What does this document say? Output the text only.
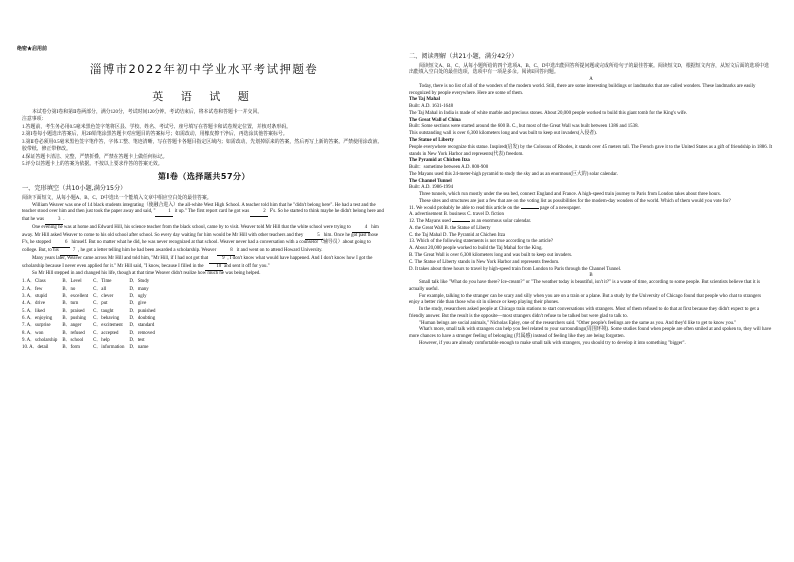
绝密★启用前
淄博市2022年初中学业水平考试押题卷
英 语 试 题

本试卷分第Ⅰ卷和第Ⅱ卷两部分，满分120分，考试时间120分钟。考试结束后，将本试卷和答题卡一并交回。

注意事项：

1.答题前，考生务必用0.5毫米黑色签字笔将区县、学校、姓名、考试号、座号填写在答题卡和试卷规定位置，并核对条形码。

2.第Ⅰ卷每小题选出答案后，用2B铅笔涂黑答题卡对应题目的答案标号；如需改动，用橡皮擦干净后，再选涂其他答案标号。

3.第Ⅱ卷必须用0.5毫米黑色签字笔作答，字体工整、笔迹清晰，写在答题卡各题目指定区域内；如需改动，先划掉原来的答案，然后再写上新的答案。严禁使用涂改液、胶带纸、修正带修改。

4.保证答题卡清洁、完整，严禁折叠，严禁在答题卡上做任何标记。

5.评分以答题卡上的答案为依据。不按以上要求作答的答案无效。

第Ⅰ卷（选择题共57分）
一、完形填空（共10小题,满分15分）

阅读下面短文，从每小题A、B、C、D中选出一个能填入文章中相应空白处的最佳答案。

William Weaver was one of 14 black students integrating（使融合进入）the all-white West High School. A teacher told him that he "didn't belong here". He had a test and the teacher stood over him and then just took the paper away and said, "	1 it up." The first report card he got was	2 F's. So he started to think maybe he didn't belong here and that he was	3 .

One evening he was at home and Edward Hill, his science teacher from the black school, came by to visit. Weaver told Mr Hill that the white school were trying to	4 him away. Mr Hill asked Weaver to come to his old school after school. So every day waiting for him would be Mr Hill with other teachers and they	5 him. Once he got past those F's, he stopped	6 himself. But no matter what he did, he was never recognized at that school. Weaver never had a conversation with a counselor（辅导员）about going to college. But, to his	7 , he got a letter telling him he had been awarded a scholarship. Weaver	8 it and went on to attend Howard University.

Many years later, Weaver came across Mr Hill and told him, "Mr Hill, if I had not got that	9 , I don't know what would have happened. And I don't know how I got the scholarship because I never even applied for it." Mr Hill said, "I know, because I filled in the 10 and sent it off for you."

So Mr Hill stepped in and changed his life, though at that time Weaver didn't realize how much he was being helped.

1. A．Class	B．Level	C．Time	D．Study
2. A．few	B．no	C．all	D．many
3. A．stupid	B．excellent	C．clever	D．ugly
4. A．drive	B．turn	C．put	D．give
5. A．liked	B．praised	C．taught	D．punished
6. A．enjoying	B．pushing	C．behaving	D．doubting
7. A．surprise	B．anger	C．excitement	D．standard
8. A．won	B．refused	C．accepted	D．removed
9. A．scholarship	B．school	C．help	D．test
10. A．detail	B．form	C．information	D．name
二、阅读理解（共21小题，满分42分）

阅读短文A、B、C，从每小题所给的四个选项A、B、C、D中选出能回答所提问题或完成所给句子的最佳答案。阅读短文D，根据短文内容，从短文后面的选项中选出能填入空白处的最佳选项，选项中有一项是多余。阅读E回答问题。

A

Today, there is no list of all of the wonders of the modern world. Still, there are some interesting buildings or landmarks that are called wonders. These landmarks are easily recognized by people everywhere. Here are some of them.

The Taj Mahal

Built: A.D. 1631-1648

The Taj Mahal in India is made of white marble and precious stones. About 20,000 people worked to build this giant tomb for the King's wife.

The Great Wall of China

Built: Some sections were started around the 600 B. C., but most of the Great Wall was built between 1386 and 1538.

This outstanding wall is over 6,300 kilometers long and was built to keep out invaders(入侵者).

The Statue of Liberty

People everywhere recognize this statue. Inspired(启发) by the Colossus of Rhodes, it stands over 45 meters tall. The French gave it to the United States as a gift of friendship in 1886. It stands in New York Harbor and represents(代表) freedom.

The Pyramid at Chichen Itza

Built：sometime between A.D. 800-900

The Mayans used this 24-meter-high pyramid to study the sky and as an enormous(巨大的) solar calendar.

The Channel Tunnel

Built: A.D. 1986-1994

Three tunnels, which run mostly under the sea bed, connect England and France. A high-speed train journey to Paris from London takes about three hours.

These sites and structures are just a few that are on the voting list as possibilities for the modern-day wonders of the world. Which of them would you vote for?

11. We would probably be able to read this article on the	page of a newspaper.

A. advertisement B. business C. travel D. fiction

12. The Mayans used	as an enormous solar calendar.

A. the Great Wall B. the Statue of Liberty

C. the Taj Mahal D. The Pyramid at Chichen Itza

13. Which of the following statements is not true according to the article?

A. About 20,000 people worked to build the Taj Mahal for the King.

B. The Great Wall is over 6,300 kilometers long and was built to keep out invaders.

C. The Statue of Liberty stands in New York Harbor and represents freedom.

D. It takes about three hours to travel by high-speed train from London to Paris through the Channel Tunnel.

B

Small talk like "What do you have there? Ice-cream?" or "The weather today is beautiful, isn't it?" is a waste of time, according to some people. But scientists believe that it is actually useful.

For example, talking to the stranger can be scary and silly when you are on a train or a plane. But a study by the University of Chicago found that people who chat to strangers enjoy a better ride than those who sit in silence or keep playing their phones.

In the study, researchers asked people at Chicago train stations to start conversations with strangers. Most of them refused to do that at first because they didn't expect to get a friendly answer. But the result is the opposite—most strangers didn't refuse to be talked but were glad to talk to.

"Human beings are social animals," Nicholas Epley, one of the researchers said. "Other people's feelings are the same as you. And they'd like to get to know you."

What's more, small talk with strangers can help you feel related to your surroundings(周围环境). Some studies found when people are often smiled at and spoken to, they will have more chances to have a stronger feeling of belonging (归属感) instead of feeling like they are being forgotten.

However, if you are already comfortable enough to make small talk with strangers, you should try to develop it into something "bigger".
